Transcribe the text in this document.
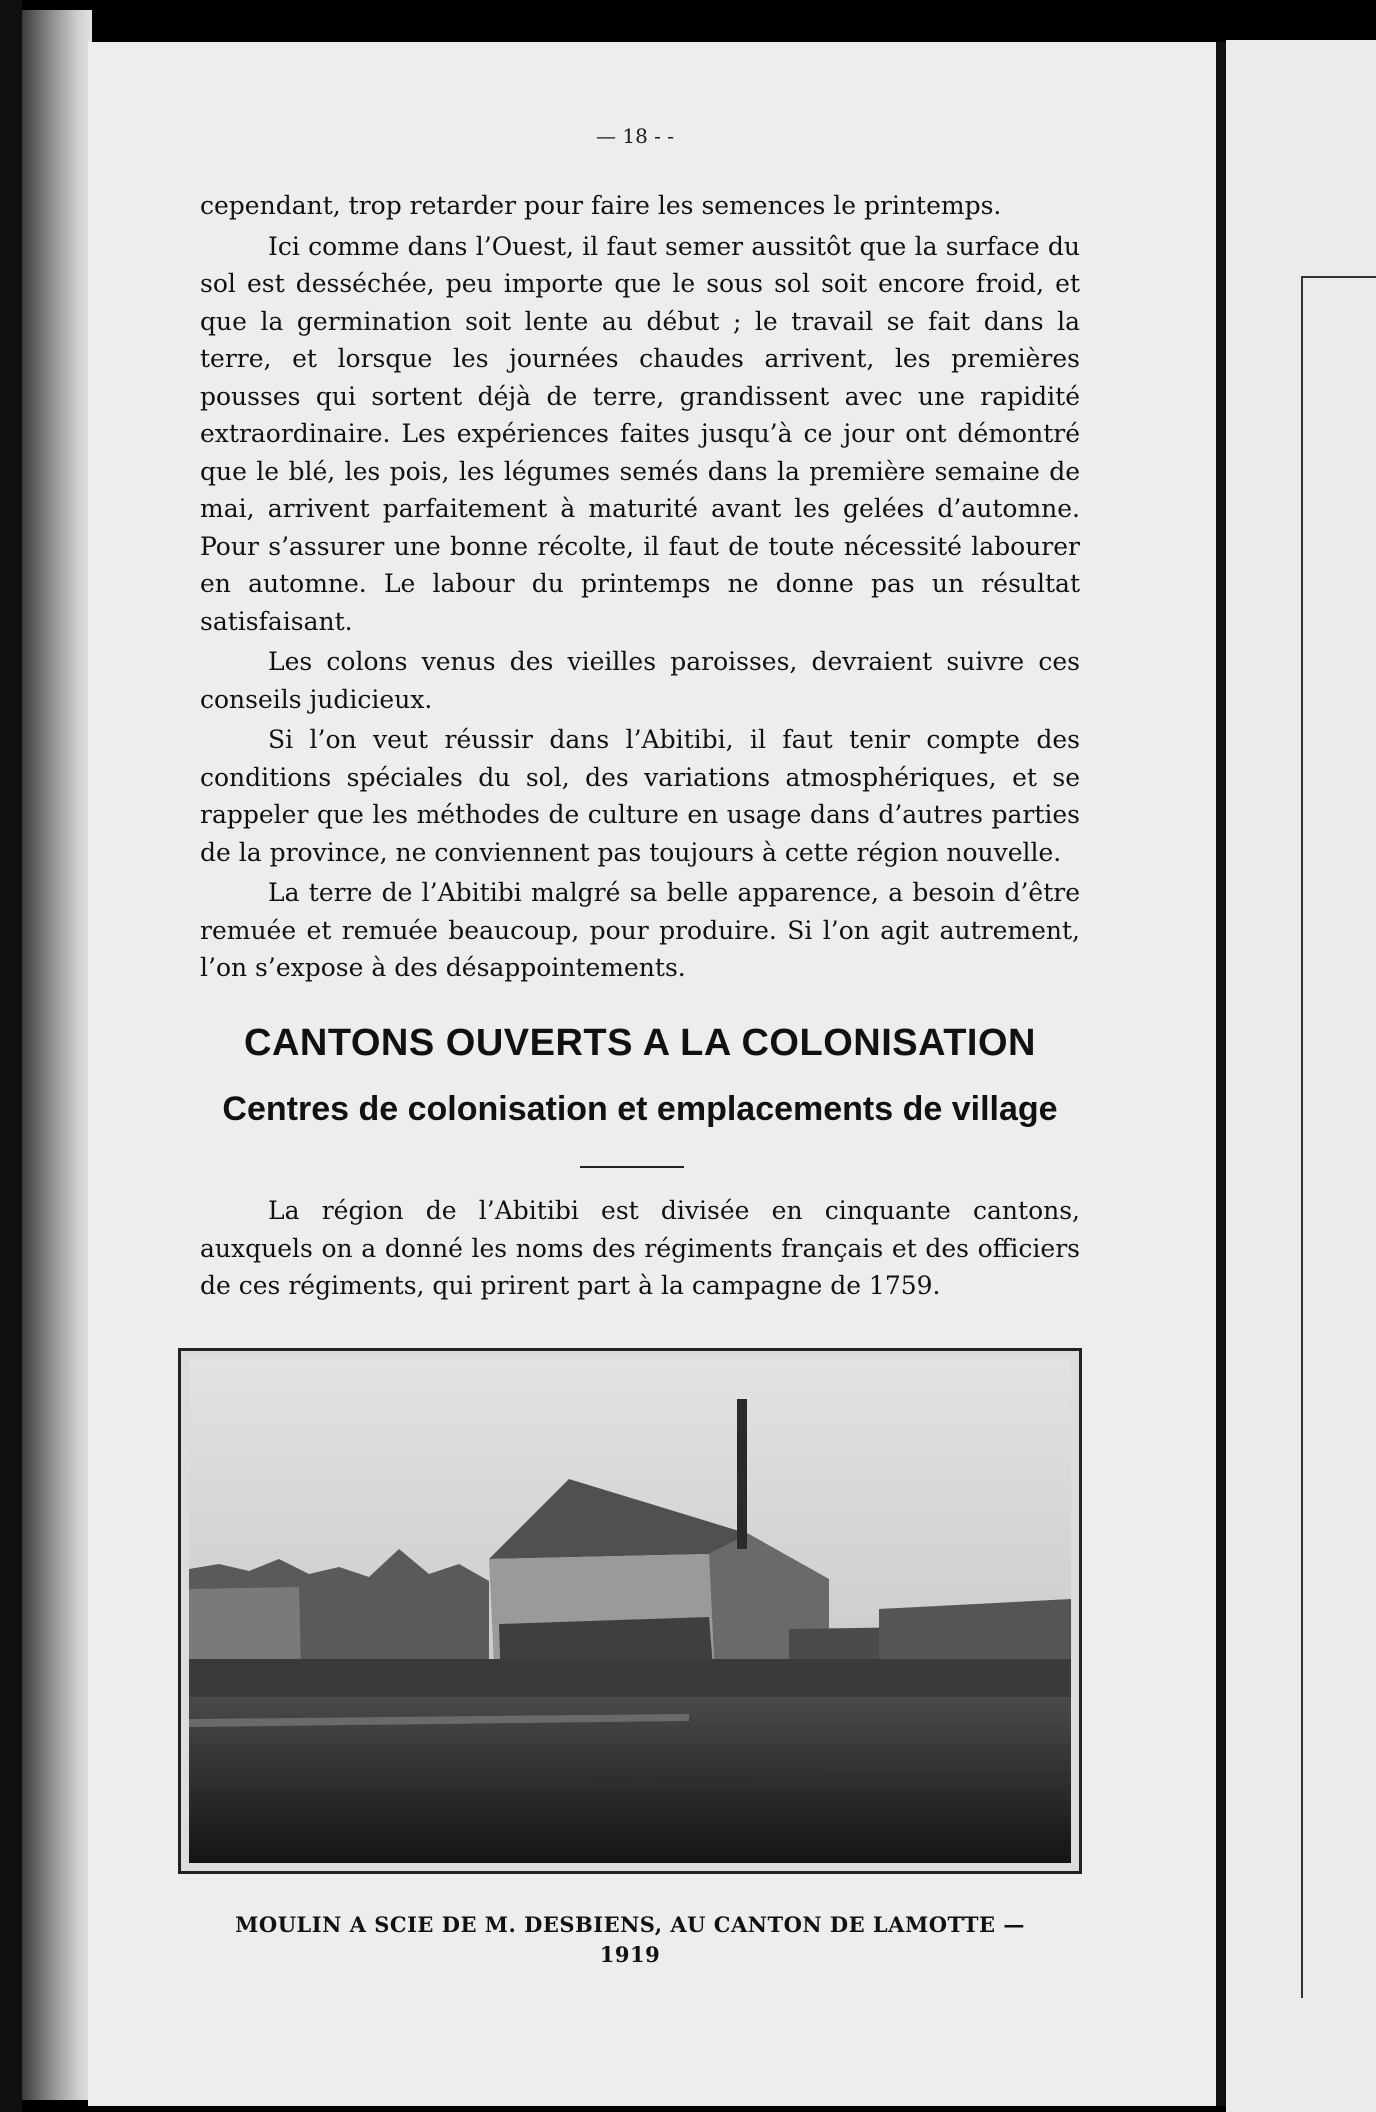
— 18 - -

cependant, trop retarder pour faire les semences le printemps.

Ici comme dans l’Ouest, il faut semer aussitôt que la surface du sol est desséchée, peu importe que le sous sol soit encore froid, et que la germination soit lente au début ; le travail se fait dans la terre, et lorsque les journées chaudes arrivent, les premières pousses qui sortent déjà de terre, grandissent avec une rapidité extraordinaire. Les expériences faites jusqu’à ce jour ont démontré que le blé, les pois, les légumes semés dans la première semaine de mai, arrivent parfaitement à maturité avant les gelées d’automne. Pour s’assurer une bonne récolte, il faut de toute nécessité labourer en automne. Le labour du printemps ne donne pas un résultat satisfaisant.

Les colons venus des vieilles paroisses, devraient suivre ces conseils judicieux.

Si l’on veut réussir dans l’Abitibi, il faut tenir compte des conditions spéciales du sol, des variations atmosphériques, et se rappeler que les méthodes de culture en usage dans d’autres parties de la province, ne conviennent pas toujours à cette région nouvelle.

La terre de l’Abitibi malgré sa belle apparence, a besoin d’être remuée et remuée beaucoup, pour produire. Si l’on agit autrement, l’on s’expose à des désappointements.

CANTONS OUVERTS A LA COLONISATION
Centres de colonisation et emplacements de village

La région de l’Abitibi est divisée en cinquante cantons, auxquels on a donné les noms des régiments français et des officiers de ces régiments, qui prirent part à la campagne de 1759.

MOULIN A SCIE DE M. DESBIENS, AU CANTON DE LAMOTTE —
1919
